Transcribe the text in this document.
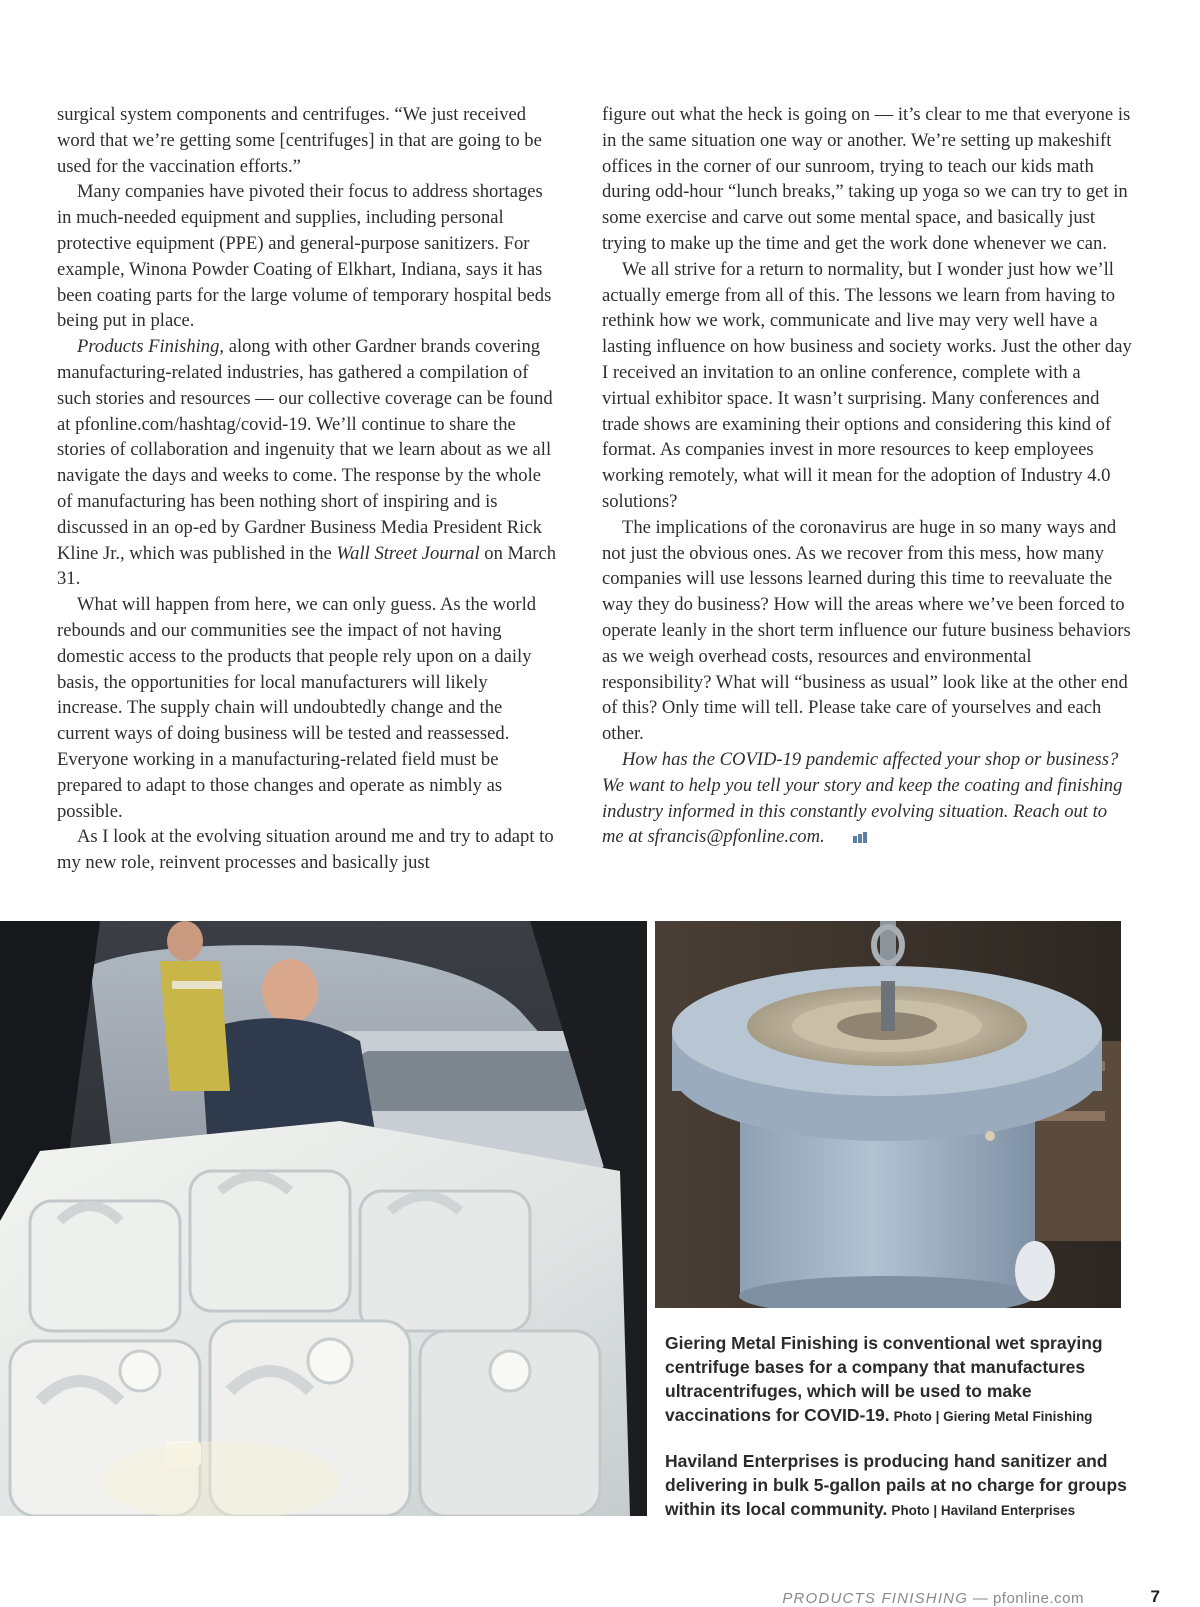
surgical system components and centrifuges. “We just received word that we’re getting some [centrifuges] in that are going to be used for the vaccination efforts.”

Many companies have pivoted their focus to address shortages in much-needed equipment and supplies, including personal protective equipment (PPE) and general-purpose sanitizers. For example, Winona Powder Coating of Elkhart, Indiana, says it has been coating parts for the large volume of temporary hospital beds being put in place.

Products Finishing, along with other Gardner brands covering manufacturing-related industries, has gathered a compilation of such stories and resources — our collective coverage can be found at pfonline.com/hashtag/covid-19. We’ll continue to share the stories of collaboration and ingenuity that we learn about as we all navigate the days and weeks to come. The response by the whole of manufacturing has been nothing short of inspiring and is discussed in an op-ed by Gardner Business Media President Rick Kline Jr., which was published in the Wall Street Journal on March 31.

What will happen from here, we can only guess. As the world rebounds and our communities see the impact of not having domestic access to the products that people rely upon on a daily basis, the opportunities for local manufacturers will likely increase. The supply chain will undoubtedly change and the current ways of doing business will be tested and reassessed. Everyone working in a manufacturing-related field must be prepared to adapt to those changes and operate as nimbly as possible.

As I look at the evolving situation around me and try to adapt to my new role, reinvent processes and basically just

figure out what the heck is going on — it’s clear to me that everyone is in the same situation one way or another. We’re setting up makeshift offices in the corner of our sunroom, trying to teach our kids math during odd-hour “lunch breaks,” taking up yoga so we can try to get in some exercise and carve out some mental space, and basically just trying to make up the time and get the work done whenever we can.

We all strive for a return to normality, but I wonder just how we’ll actually emerge from all of this. The lessons we learn from having to rethink how we work, communicate and live may very well have a lasting influence on how business and society works. Just the other day I received an invitation to an online conference, complete with a virtual exhibitor space. It wasn’t surprising. Many conferences and trade shows are examining their options and considering this kind of format. As companies invest in more resources to keep employees working remotely, what will it mean for the adoption of Industry 4.0 solutions?

The implications of the coronavirus are huge in so many ways and not just the obvious ones. As we recover from this mess, how many companies will use lessons learned during this time to reevaluate the way they do business? How will the areas where we’ve been forced to operate leanly in the short term influence our future business behaviors as we weigh overhead costs, resources and environmental responsibility? What will “business as usual” look like at the other end of this? Only time will tell. Please take care of yourselves and each other.

How has the COVID-19 pandemic affected your shop or business? We want to help you tell your story and keep the coating and finishing industry informed in this constantly evolving situation. Reach out to me at sfrancis@pfonline.com.

Giering Metal Finishing is conventional wet spraying centrifuge bases for a company that manufactures ultracentrifuges, which will be used to make vaccinations for COVID-19. Photo | Giering Metal Finishing
Haviland Enterprises is producing hand sanitizer and delivering in bulk 5-gallon pails at no charge for groups within its local community. Photo | Haviland Enterprises
PRODUCTS FINISHING — pfonline.com	7
